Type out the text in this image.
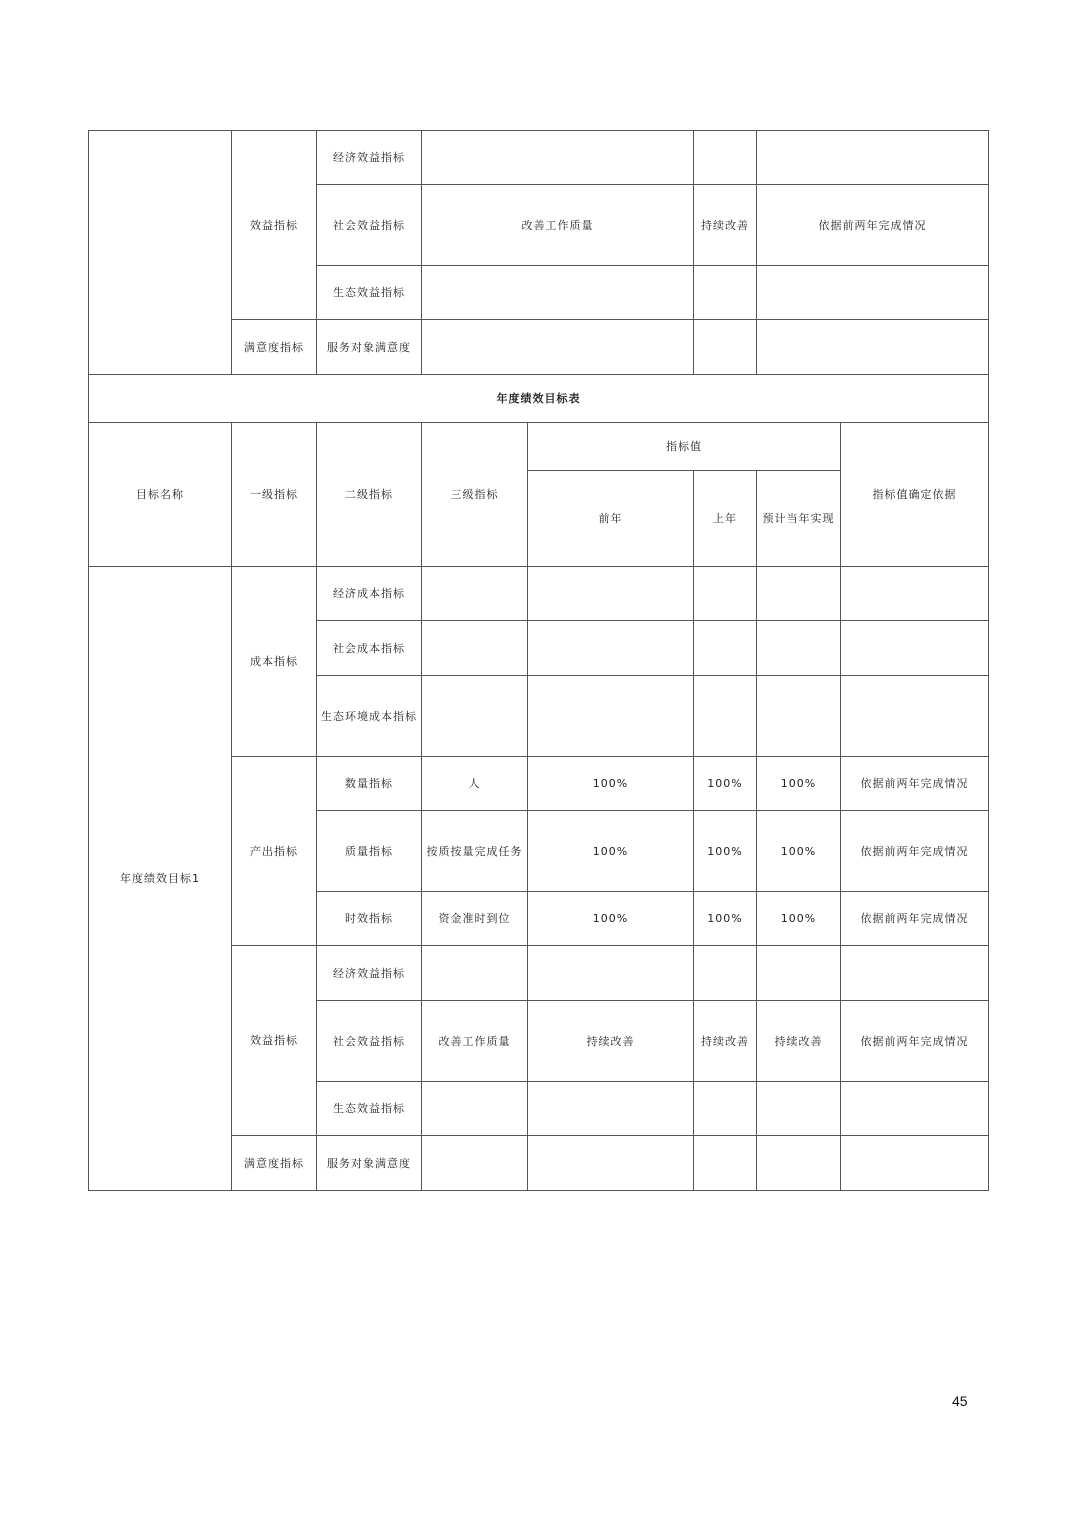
	效益指标	经济效益指标			
		社会效益指标	改善工作质量	持续改善	依据前两年完成情况
		生态效益指标			
	满意度指标	服务对象满意度			
年度绩效目标表							
目标名称	一级指标	二级指标	三级指标	指标值			指标值确定依据
				前年	上年	预计当年实现	
年度绩效目标1	成本指标	经济成本指标					
		社会成本指标					
		生态环境成本指标					
	产出指标	数量指标	人	100%	100%	100%	依据前两年完成情况
		质量指标	按质按量完成任务	100%	100%	100%	依据前两年完成情况
		时效指标	资金准时到位	100%	100%	100%	依据前两年完成情况
	效益指标	经济效益指标					
		社会效益指标	改善工作质量	持续改善	持续改善	持续改善	依据前两年完成情况
		生态效益指标					
	满意度指标	服务对象满意度					
45
